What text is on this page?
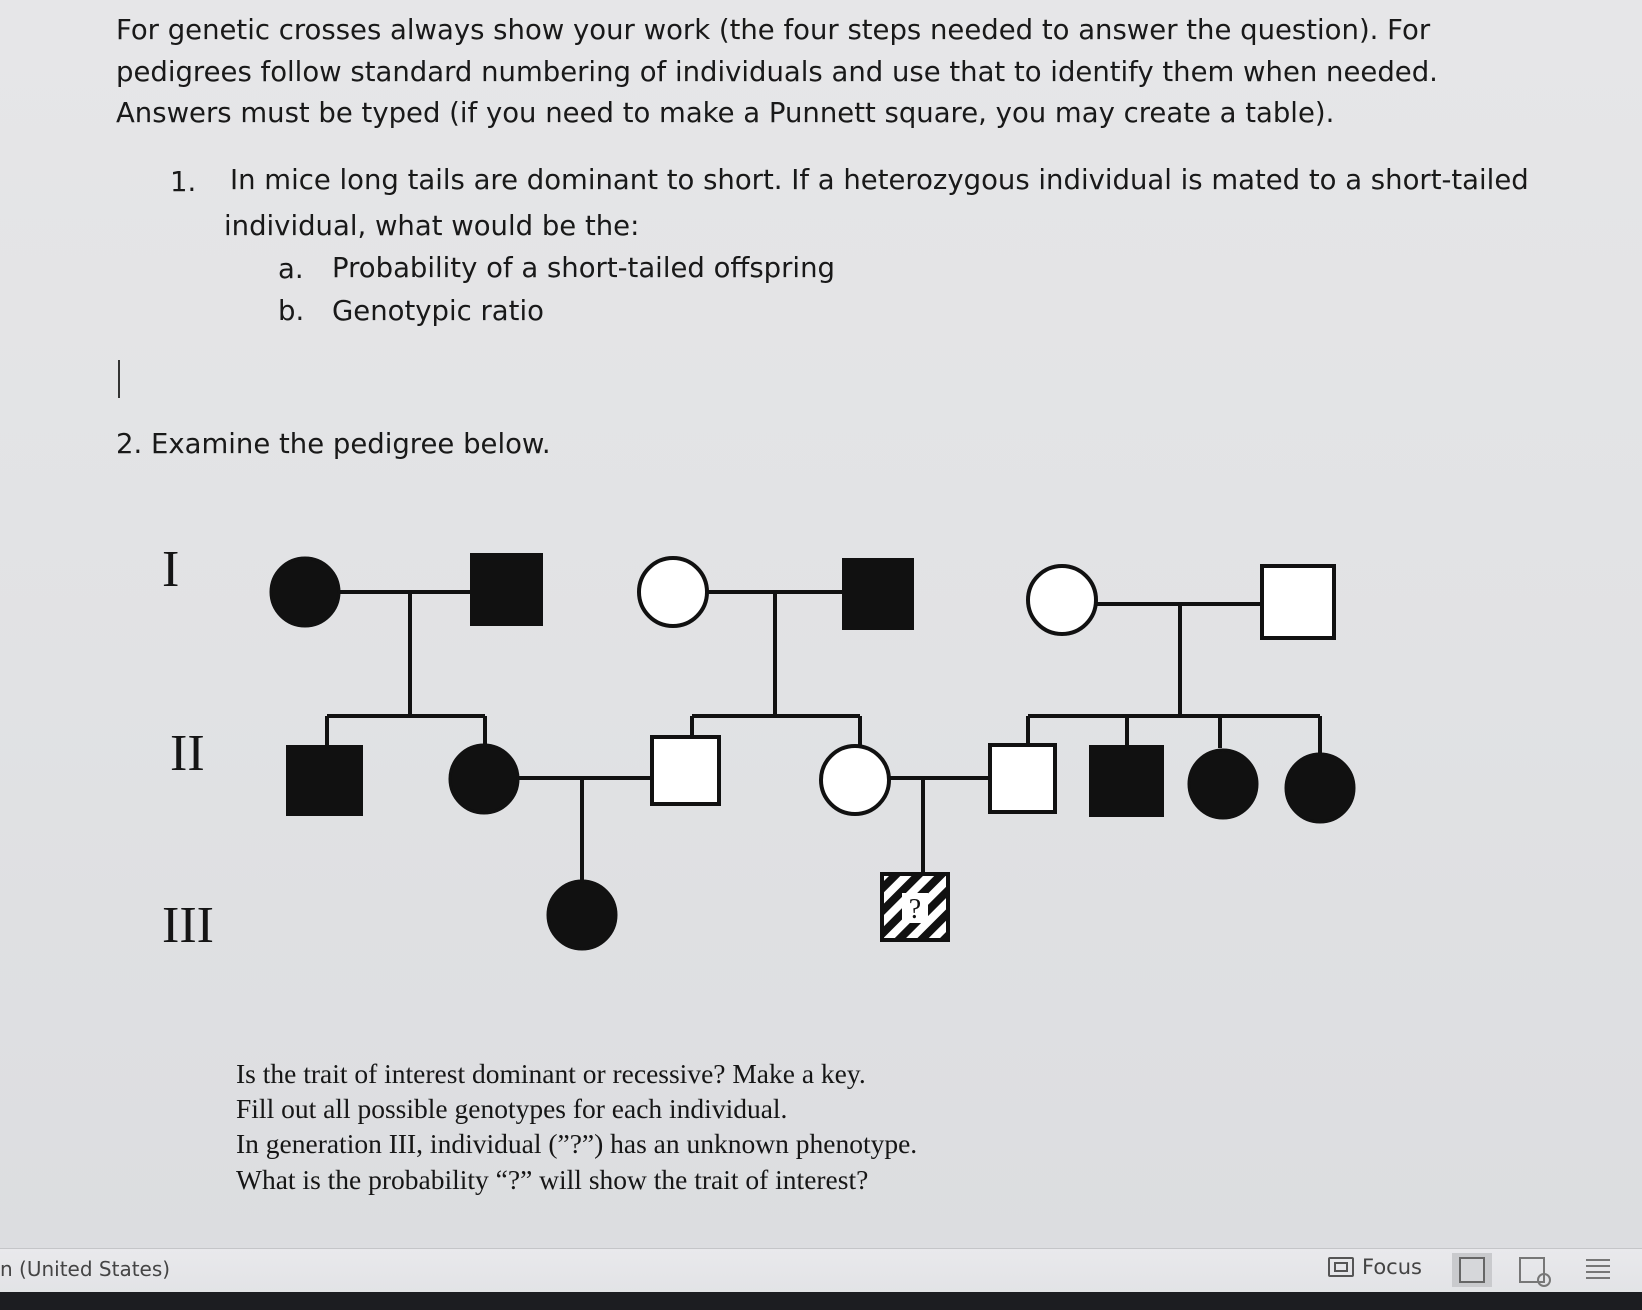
For genetic crosses always show your work (the four steps needed to answer the question). For
pedigrees follow standard numbering of individuals and use that to identify them when needed.
Answers must be typed (if you need to make a Punnett square, you may create a table).
1. In mice long tails are dominant to short. If a heterozygous individual is mated to a short-tailed
individual, what would be the:
a. Probability of a short-tailed offspring
b. Genotypic ratio
2. Examine the pedigree below.
I
II
III	?
Is the trait of interest dominant or recessive? Make a key.
Fill out all possible genotypes for each individual.
In generation III, individual (”?”) has an unknown phenotype.
What is the probability “?” will show the trait of interest?
n (United States)	Focus
